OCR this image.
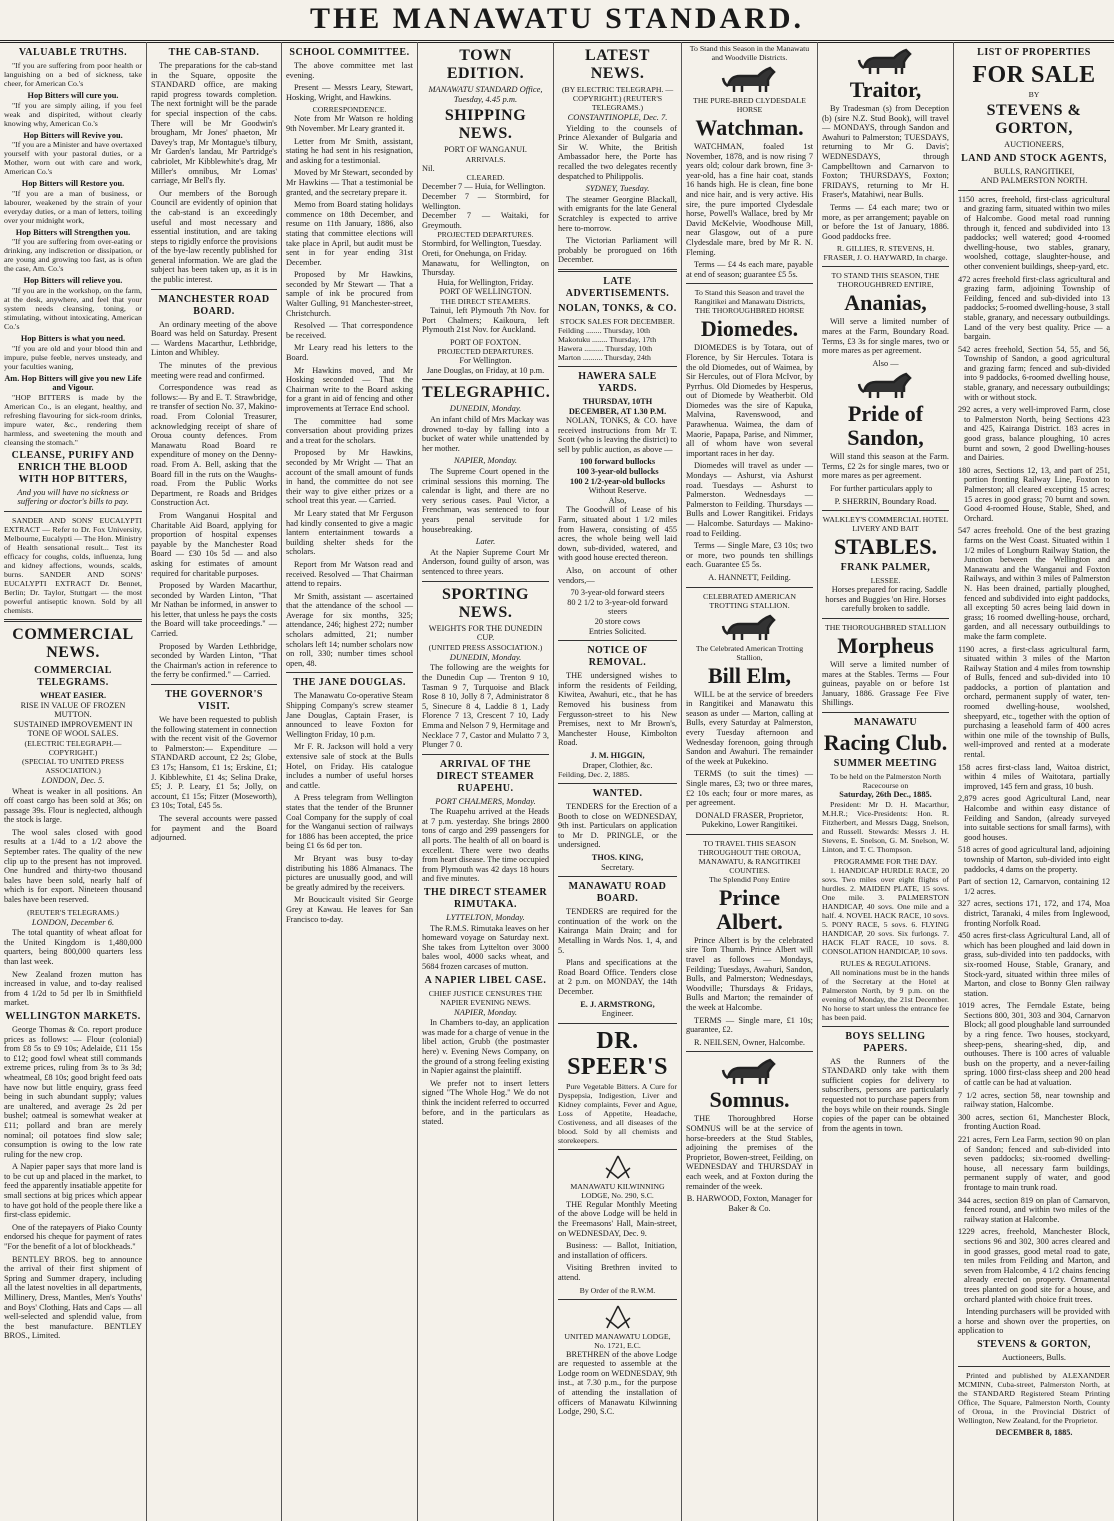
THE MANAWATU STANDARD.
VALUABLE TRUTHS.
"If you are suffering from poor health or languishing on a bed of sickness, take cheer, for American Co.'s
Hop Bitters will cure you.
"If you are simply ailing, if you feel weak and dispirited, without clearly knowing why, American Co.'s
Hop Bitters will Revive you.
"If you are a Minister and have overtaxed yourself with your pastoral duties, or a Mother, worn out with care and work, American Co.'s
Hop Bitters will Restore you.
"If you are a man of business, or labourer, weakened by the strain of your everyday duties, or a man of letters, toiling over your midnight work,
Hop Bitters will Strengthen you.
"If you are suffering from over-eating or drinking, any indiscretion or dissipation, or are young and growing too fast, as is often the case, Am. Co.'s
Hop Bitters will relieve you.
"If you are in the workshop, on the farm, at the desk, anywhere, and feel that your system needs cleansing, toning, or stimulating, without intoxicating, American Co.'s
Hop Bitters is what you need.
"If you are old and your blood thin and impure, pulse feeble, nerves unsteady, and your faculties waning,
Am. Hop Bitters will give you new Life and Vigour.
"HOP BITTERS is made by the American Co., is an elegant, healthy, and refreshing flavouring for sick-room drinks, impure water, &c., rendering them harmless, and sweetening the mouth and cleansing the stomach."
CLEANSE, PURIFY AND ENRICH THE BLOOD WITH HOP BITTERS,
And you will have no sickness or suffering or doctor's bills to pay.

SANDER AND SONS' EUCALYPTI EXTRACT — Refer to Dr. Fox University, Melbourne, Eucalypti — The Hon. Ministry of Health sensational result... Test its efficacy for coughs, colds, influenza, lung and kidney affections, wounds, scalds, burns. SANDER AND SONS' EUCALYPTI EXTRACT Dr. Bennet, Berlin; Dr. Taylor, Stuttgart — the most powerful antiseptic known. Sold by all chemists.

COMMERCIAL NEWS.
COMMERCIAL TELEGRAMS.
WHEAT EASIER.
RISE IN VALUE OF FROZEN MUTTON.
SUSTAINED IMPROVEMENT IN TONE OF WOOL SALES.
(ELECTRIC TELEGRAPH.—COPYRIGHT.)
(SPECIAL TO UNITED PRESS ASSOCIATION.)
LONDON, Dec. 5.

Wheat is weaker in all positions. An off coast cargo has been sold at 36s; on passage 39s. Flour is neglected, although the stock is large.

The wool sales closed with good results at a 1/4d to a 1/2 above the September rates. The quality of the new clip up to the present has not improved. One hundred and thirty-two thousand bales have been sold, nearly half of which is for export. Nineteen thousand bales have been reserved.

(REUTER'S TELEGRAMS.)
LONDON, December 6.

The total quantity of wheat afloat for the United Kingdom is 1,480,000 quarters, being 800,000 quarters less than last week.

New Zealand frozen mutton has increased in value, and to-day realised from 4 1/2d to 5d per lb in Smithfield market.

WELLINGTON MARKETS.

George Thomas & Co. report produce prices as follows: — Flour (colonial) from £8 5s to £9 10s; Adelaide, £11 15s to £12; good fowl wheat still commands extreme prices, ruling from 3s to 3s 3d; wheatmeal, £8 10s; good bright feed oats have now but little enquiry, grass feed being in such abundant supply; values are unaltered, and average 2s 2d per bushel; oatmeal is somewhat weaker at £11; pollard and bran are merely nominal; oil potatoes find slow sale; consumption is owing to the low rate ruling for the new crop.

A Napier paper says that more land is to be cut up and placed in the market, to feed the apparently insatiable appetite for small sections at big prices which appear to have got hold of the people there like a first-class epidemic.

One of the ratepayers of Piako County endorsed his cheque for payment of rates "For the benefit of a lot of blockheads."

BENTLEY BROS. beg to announce the arrival of their first shipment of Spring and Summer drapery, including all the latest novelties in all departments, Millinery, Dress, Mantles, Men's Youths' and Boys' Clothing, Hats and Caps — all well-selected and splendid value, from the best manufacture. BENTLEY BROS., Limited.

THE CAB-STAND.

The preparations for the cab-stand in the Square, opposite the STANDARD office, are making rapid progress towards completion. The next fortnight will be the parade for special inspection of the cabs. There will be Mr Goodwin's brougham, Mr Jones' phaeton, Mr Davey's trap, Mr Montague's tilbury, Mr Garden's landau, Mr Partridge's cabriolet, Mr Kibblewhite's drag, Mr Miller's omnibus, Mr Lomas' carriage, Mr Bell's fly.

Our members of the Borough Council are evidently of opinion that the cab-stand is an exceedingly useful and most necessary and essential institution, and are taking steps to rigidly enforce the provisions of the bye-law recently published for general information. We are glad the subject has been taken up, as it is in the public interest.

MANCHESTER ROAD BOARD.

An ordinary meeting of the above Board was held on Saturday. Present — Wardens Macarthur, Lethbridge, Linton and Whibley.

The minutes of the previous meeting were read and confirmed.

Correspondence was read as follows:— By and E. T. Strawbridge, re transfer of section No. 37, Makino-road. From Colonial Treasurer, acknowledging receipt of share of Oroua county defences. From Manawatu Road Board re expenditure of money on the Denny-road. From A. Bell, asking that the Board fill in the ruts on the Waughs-road. From the Public Works Department, re Roads and Bridges Construction Act.

From Wanganui Hospital and Charitable Aid Board, applying for proportion of hospital expenses payable by the Manchester Road Board — £30 10s 5d — and also asking for estimates of amount required for charitable purposes.

Proposed by Warden Macarthur, seconded by Warden Linton, "That Mr Nathan be informed, in answer to his letter, that unless he pays the costs the Board will take proceedings." — Carried.

Proposed by Warden Lethbridge, seconded by Warden Linton, "That the Chairman's action in reference to the ferry be confirmed." — Carried.

THE GOVERNOR'S VISIT.

We have been requested to publish the following statement in connection with the recent visit of the Governor to Palmerston:— Expenditure — STANDARD account, £2 2s; Globe, £3 17s; Hansom, £1 1s; Erskine, £1; J. Kibblewhite, £1 4s; Selina Drake, £5; J. P. Leary, £1 5s; Jolly, on account, £1 15s; Fitzer (Moseworth), £3 10s; Total, £45 5s.

The several accounts were passed for payment and the Board adjourned.

SCHOOL COMMITTEE.

The above committee met last evening.

Present — Messrs Leary, Stewart, Hosking, Wright, and Hawkins.

CORRESPONDENCE.

Note from Mr Watson re holding 9th November. Mr Leary granted it.

Letter from Mr Smith, assistant, stating he had sent in his resignation, and asking for a testimonial.

Moved by Mr Stewart, seconded by Mr Hawkins — That a testimonial be granted, and the secretary prepare it.

Memo from Board stating holidays commence on 18th December, and resume on 11th January, 1886, also stating that committee elections will take place in April, but audit must be sent in for year ending 31st December.

Proposed by Mr Hawkins, seconded by Mr Stewart — That a sample of ink be procured from Walter Gulling, 91 Manchester-street, Christchurch.

Resolved — That correspondence be received.

Mr Leary read his letters to the Board.

Mr Hawkins moved, and Mr Hosking seconded — That the Chairman write to the Board asking for a grant in aid of fencing and other improvements at Terrace End school.

The committee had some conversation about providing prizes and a treat for the scholars.

Proposed by Mr Hawkins, seconded by Mr Wright — That an account of the small amount of funds in hand, the committee do not see their way to give either prizes or a school treat this year. — Carried.

Mr Leary stated that Mr Ferguson had kindly consented to give a magic lantern entertainment towards a building shelter sheds for the scholars.

Report from Mr Watson read and received. Resolved — That Chairman attend to repairs.

Mr Smith, assistant — ascertained that the attendance of the school — Average for six months, 325; attendance, 246; highest 272; number scholars admitted, 21; number scholars left 14; number scholars now on roll, 330; number times school open, 48.

THE JANE DOUGLAS.

The Manawatu Co-operative Steam Shipping Company's screw steamer Jane Douglas, Captain Fraser, is announced to leave Foxton for Wellington Friday, 10 p.m.

Mr F. R. Jackson will hold a very extensive sale of stock at the Bulls Hotel, on Friday. His catalogue includes a number of useful horses and cattle.

A Press telegram from Wellington states that the tender of the Brunner Coal Company for the supply of coal for the Wanganui section of railways for 1886 has been accepted, the price being £1 6s 6d per ton.

Mr Bryant was busy to-day distributing his 1886 Almanacs. The pictures are unusually good, and will be greatly admired by the receivers.

Mr Boucicault visited Sir George Grey at Kawau. He leaves for San Francisco to-day.

TOWN EDITION.
MANAWATU STANDARD Office, Tuesday, 4.45 p.m.
SHIPPING NEWS.
PORT OF WANGANUI.
ARRIVALS.
Nil.
CLEARED.
December 7 — Huia, for Wellington.
December 7 — Stormbird, for Wellington.
December 7 — Waitaki, for Greymouth.
PROJECTED DEPARTURES.
Stormbird, for Wellington, Tuesday.
Oreti, for Onehunga, on Friday.
Manawatu, for Wellington, on Thursday.
Huia, for Wellington, Friday.
PORT OF WELLINGTON.
THE DIRECT STEAMERS.

Tainui, left Plymouth 7th Nov. for Port Chalmers; Kaikoura, left Plymouth 21st Nov. for Auckland.

PORT OF FOXTON.
PROJECTED DEPARTURES.
For Wellington.
Jane Douglas, on Friday, at 10 p.m.
TELEGRAPHIC.
DUNEDIN, Monday.

An infant child of Mrs Mackay was drowned to-day by falling into a bucket of water while unattended by her mother.

NAPIER, Monday.

The Supreme Court opened in the criminal sessions this morning. The calendar is light, and there are no very serious cases. Paul Victor, a Frenchman, was sentenced to four years penal servitude for housebreaking.

Later.

At the Napier Supreme Court Mr Anderson, found guilty of arson, was sentenced to three years.

SPORTING NEWS.
WEIGHTS FOR THE DUNEDIN CUP.
(UNITED PRESS ASSOCIATION.)
DUNEDIN, Monday.

The following are the weights for the Dunedin Cup — Trenton 9 10, Tasman 9 7, Turquoise and Black Rose 8 10, Jolly 8 7, Administrator 8 5, Sinecure 8 4, Laddie 8 1, Lady Florence 7 13, Crescent 7 10, Lady Emma and Nelson 7 9, Hermitage and Necklace 7 7, Castor and Mulatto 7 3, Plunger 7 0.

ARRIVAL OF THE DIRECT STEAMER RUAPEHU.
PORT CHALMERS, Monday.

The Ruapehu arrived at the Heads at 7 p.m. yesterday. She brings 2800 tons of cargo and 299 passengers for all ports. The health of all on board is excellent. There were two deaths from heart disease. The time occupied from Plymouth was 42 days 18 hours and five minutes.

THE DIRECT STEAMER RIMUTAKA.
LYTTELTON, Monday.

The R.M.S. Rimutaka leaves on her homeward voyage on Saturday next. She takes from Lyttelton over 3000 bales wool, 4000 sacks wheat, and 5684 frozen carcases of mutton.

A NAPIER LIBEL CASE.
CHIEF JUSTICE CENSURES THE NAPIER EVENING NEWS.
NAPIER, Monday.

In Chambers to-day, an application was made for a charge of venue in the libel action, Grubb (the postmaster here) v. Evening News Company, on the ground of a strong feeling existing in Napier against the plaintiff.

We prefer not to insert letters signed "The Whole Hog." We do not think the incident referred to occurred before, and in the particulars as stated.

LATEST NEWS.
(BY ELECTRIC TELEGRAPH. — COPYRIGHT.) (REUTER'S TELEGRAMS.)
CONSTANTINOPLE, Dec. 7.

Yielding to the counsels of Prince Alexander of Bulgaria and Sir W. White, the British Ambassador here, the Porte has recalled the two delegates recently despatched to Philippolis.

SYDNEY, Tuesday.

The steamer Georgine Blackall, with emigrants for the late General Scratchley is expected to arrive here to-morrow.

The Victorian Parliament will probably be prorogued on 16th December.

LATE ADVERTISEMENTS.
NOLAN, TONKS, & CO.
STOCK SALES FOR DECEMBER.
Feilding ........ Thursday, 10th
Makotuku ........ Thursday, 17th
Hawera .......... Thursday, 10th
Marton .......... Thursday, 24th
HAWERA SALE YARDS.
THURSDAY, 10TH DECEMBER, AT 1.30 P.M.

NOLAN, TONKS, & CO. have received instructions from Mr T. Scott (who is leaving the district) to sell by public auction, as above —

100 forward bullocks
100 3-year-old bullocks
100 2 1/2-year-old bullocks
Without Reserve.
Also,

The Goodwill of Lease of his Farm, situated about 1 1/2 miles from Hawera, consisting of 455 acres, the whole being well laid down, sub-divided, watered, and with good house erected thereon.

Also, on account of other vendors,—

70 3-year-old forward steers
80 2 1/2 to 3-year-old forward steers
20 store cows
Entries Solicited.
NOTICE OF REMOVAL.

THE undersigned wishes to inform the residents of Feilding, Kiwitea, Awahuri, etc., that he has Removed his business from Fergusson-street to his New Premises, next to Mr Brown's, Manchester House, Kimbolton Road.

J. M. HIGGIN,
Draper, Clothier, &c.
Feilding, Dec. 2, 1885.
WANTED.

TENDERS for the Erection of a Booth to close on WEDNESDAY, 9th inst. Particulars on application to Mr D. PRINGLE, or the undersigned.

THOS. KING,
Secretary.
MANAWATU ROAD BOARD.

TENDERS are required for the continuation of the work on the Kairanga Main Drain; and for Metalling in Wards Nos. 1, 4, and 5.

Plans and specifications at the Road Board Office. Tenders close at 2 p.m. on MONDAY, the 14th December.

E. J. ARMSTRONG,
Engineer.
DR. SPEER'S

Pure Vegetable Bitters. A Cure for Dyspepsia, Indigestion, Liver and Kidney complaints, Fever and Ague, Loss of Appetite, Headache, Costiveness, and all diseases of the blood. Sold by all chemists and storekeepers.

MANAWATU KILWINNING LODGE, No. 290, S.C.

THE Regular Monthly Meeting of the above Lodge will be held in the Freemasons' Hall, Main-street, on WEDNESDAY, Dec. 9.

Business: — Ballot, Initiation, and installation of officers.

Visiting Brethren invited to attend.

By Order of the R.W.M.
UNITED MANAWATU LODGE, No. 1721, E.C.

BRETHREN of the above Lodge are requested to assemble at the Lodge room on WEDNESDAY, 9th inst., at 7.30 p.m., for the purpose of attending the installation of officers of Manawatu Kilwinning Lodge, 290, S.C.

To Stand this Season in the Manawatu and Woodville Districts.
THE PURE-BRED CLYDESDALE HORSE
Watchman.

WATCHMAN, foaled 1st November, 1878, and is now rising 7 years old; colour dark brown, fine 3-year-old, has a fine hair coat, stands 16 hands high. He is clean, fine bone and nice hair, and is very active. His sire, the pure imported Clydesdale horse, Powell's Wallace, bred by Mr David McKelvie, Woodhouse Mill, near Glasgow, out of a pure Clydesdale mare, bred by Mr R. N. Fleming.

Terms — £4 4s each mare, payable at end of season; guarantee £5 5s.

To Stand this Season and travel the Rangitikei and Manawatu Districts, THE THOROUGHBRED HORSE
Diomedes.

DIOMEDES is by Totara, out of Florence, by Sir Hercules. Totara is the old Diomedes, out of Waimea, by Sir Hercules, out of Flora McIvor, by Pyrrhus. Old Diomedes by Hesperus, out of Diomede by Weatherbit. Old Diomedes was the sire of Kapuka, Malvina, Ravenswood, and Parawhenua. Waimea, the dam of Maorie, Papapa, Parise, and Nimmer, all of whom have won several important races in her day.

Diomedes will travel as under — Mondays — Ashurst, via Ashurst road. Tuesdays — Ashurst to Palmerston. Wednesdays — Palmerston to Feilding. Thursdays — Bulls and Lower Rangitikei. Fridays — Halcombe. Saturdays — Makino-road to Feilding.

Terms — Single Mare, £3 10s; two or more, two pounds ten shillings each. Guarantee £5 5s.

A. HANNETT, Feilding.
CELEBRATED AMERICAN TROTTING STALLION.
The Celebrated American Trotting Stallion,
Bill Elm,

WILL be at the service of breeders in Rangitikei and Manawatu this season as under — Marton, calling at Bulls, every Saturday at Palmerston, every Tuesday afternoon and Wednesday forenoon, going through Sandon and Awahuri. The remainder of the week at Pukekino.

TERMS (to suit the times) — Single mares, £3; two or three mares, £2 10s each; four or more mares, as per agreement.

DONALD FRASER, Proprietor, Pukekino, Lower Rangitikei.
TO TRAVEL THIS SEASON THROUGHOUT THE OROUA, MANAWATU, & RANGITIKEI COUNTIES.
The Splendid Pony Entire
Prince Albert.

Prince Albert is by the celebrated sire Tom Thumb. Prince Albert will travel as follows — Mondays, Feilding; Tuesdays, Awahuri, Sandon, Bulls, and Palmerston; Wednesdays, Woodville; Thursdays & Fridays, Bulls and Marton; the remainder of the week at Halcombe.

TERMS — Single mare, £1 10s; guarantee, £2.

R. NEILSEN, Owner, Halcombe.
Somnus.

THE Thoroughbred Horse SOMNUS will be at the service of horse-breeders at the Stud Stables, adjoining the premises of the Proprietor, Bowen-street, Feilding, on WEDNESDAY and THURSDAY in each week, and at Foxton during the remainder of the week.

B. HARWOOD, Foxton, Manager for Baker & Co.
Traitor,

By Tradesman (s) from Deception (b) (sire N.Z. Stud Book), will travel — MONDAYS, through Sandon and Awahuri to Palmerston; TUESDAYS, returning to Mr G. Davis'; WEDNESDAYS, through Campbelltown and Carnarvon to Foxton; THURSDAYS, Foxton; FRIDAYS, returning to Mr H. Fraser's, Matahiwi, near Bulls.

Terms — £4 each mare; two or more, as per arrangement; payable on or before the 1st of January, 1886. Good paddocks free.

R. GILLIES, R. STEVENS, H. FRASER, J. O. HAYWARD, In charge.
TO STAND THIS SEASON, THE THOROUGHBRED ENTIRE,
Ananias,

Will serve a limited number of mares at the Farm, Boundary Road. Terms, £3 3s for single mares, two or more mares as per agreement.

Also —
Pride of Sandon,

Will stand this season at the Farm. Terms, £2 2s for single mares, two or more mares as per agreement.

For further particulars apply to

P. SHERRIN, Boundary Road.
WALKLEY'S COMMERCIAL HOTEL LIVERY AND BAIT
STABLES.
FRANK PALMER,
LESSEE.

Horses prepared for racing. Saddle horses and Buggies 'on Hire. Horses carefully broken to saddle.

THE THOROUGHBRED STALLION
Morpheus

Will serve a limited number of mares at the Stables. Terms — Four guineas, payable on or before 1st January, 1886. Grassage Fee Five Shillings.

MANAWATU
Racing Club.
SUMMER MEETING
To be held on the Palmerston North Racecourse on
Saturday, 26th Dec., 1885.

President: Mr D. H. Macarthur, M.H.R.; Vice-Presidents: Hon. R. Fitzherbert, and Messrs Dagg, Snelson, and Russell. Stewards: Messrs J. H. Stevens, E. Snelson, G. M. Snelson, W. Linton, and T. C. Thompson.

PROGRAMME FOR THE DAY.

1. HANDICAP HURDLE RACE, 20 sovs. Two miles over eight flights of hurdles. 2. MAIDEN PLATE, 15 sovs. One mile. 3. PALMERSTON HANDICAP, 40 sovs. One mile and a half. 4. NOVEL HACK RACE, 10 sovs. 5. PONY RACE, 5 sovs. 6. FLYING HANDICAP, 20 sovs. Six furlongs. 7. HACK FLAT RACE, 10 sovs. 8. CONSOLATION HANDICAP, 10 sovs.

RULES & REGULATIONS.

All nominations must be in the hands of the Secretary at the Hotel at Palmerston North, by 9 p.m. on the evening of Monday, the 21st December. No horse to start unless the entrance fee has been paid.

BOYS SELLING PAPERS.

AS the Runners of the STANDARD only take with them sufficient copies for delivery to subscribers, persons are particularly requested not to purchase papers from the boys while on their rounds. Single copies of the paper can be obtained from the agents in town.

LIST OF PROPERTIES
FOR SALE
BY
STEVENS & GORTON,
AUCTIONEERS,
LAND AND STOCK AGENTS,
BULLS, RANGITIKEI,
AND PALMERSTON NORTH.

1150 acres, freehold, first-class agricultural and grazing farm, situated within two miles of Halcombe. Good metal road running through it, fenced and subdivided into 13 paddocks; well watered; good 4-roomed dwelling-house, two stables, granary, woolshed, cottage, slaughter-house, and other convenient buildings, sheep-yard, etc.

472 acres freehold first-class agricultural and grazing farm, adjoining Township of Feilding, fenced and sub-divided into 13 paddocks; 5-roomed dwelling-house, 3 stall stable, granary, and necessary outbuildings. Land of the very best quality. Price — a bargain.

542 acres freehold, Section 54, 55, and 56, Township of Sandon, a good agricultural and grazing farm; fenced and sub-divided into 9 paddocks, 6-roomed dwelling house, stable, granary, and necessary outbuildings; with or without stock.

292 acres, a very well-improved Farm, close to Palmerston North, being Sections 423 and 425, Kairanga District. 183 acres in good grass, balance ploughing, 10 acres burnt and sown, 2 good Dwelling-houses and Dairies.

180 acres, Sections 12, 13, and part of 251, portion fronting Railway Line, Foxton to Palmerston; all cleared excepting 15 acres; 15 acres in good grass; 70 burnt and sown. Good 4-roomed House, Stable, Shed, and Orchard.

547 acres freehold. One of the best grazing farms on the West Coast. Situated within 1 1/2 miles of Longburn Railway Station, the Junction between the Wellington and Manawatu and the Wanganui and Foxton Railways, and within 3 miles of Palmerston N. Has been drained, partially ploughed, fenced and subdivided into eight paddocks, all excepting 50 acres being laid down in grass; 16 roomed dwelling-house, orchard, garden, and all necessary outbuildings to make the farm complete.

1190 acres, a first-class agricultural farm, situated within 3 miles of the Marton Railway Station and 4 miles from township of Bulls, fenced and sub-divided into 10 paddocks, a portion of plantation and orchard, permanent supply of water, ten-roomed dwelling-house, woolshed, sheepyard, etc., together with the option of purchasing a leasehold farm of 400 acres within one mile of the township of Bulls, well-improved and rented at a moderate rental.

158 acres first-class land, Waitoa district, within 4 miles of Waitotara, partially improved, 145 fern and grass, 10 bush.

2,879 acres good Agricultural Land, near Halcombe and within easy distance of Feilding and Sandon, (already surveyed into suitable sections for small farms), with good houses.

518 acres of good agricultural land, adjoining township of Marton, sub-divided into eight paddocks, 4 dams on the property.

Part of section 12, Carnarvon, containing 12 1/2 acres.

327 acres, sections 171, 172, and 174, Moa district, Taranaki, 4 miles from Inglewood, fronting Norfolk Road.

450 acres first-class Agricultural Land, all of which has been ploughed and laid down in grass, sub-divided into ten paddocks, with six-roomed House, Stable, Granary, and Stock-yard, situated within three miles of Marton, and close to Bonny Glen railway station.

1019 acres, The Ferndale Estate, being Sections 800, 301, 303 and 304, Carnarvon Block; all good ploughable land surrounded by a ring fence. Two houses, stockyard, sheep-pens, shearing-shed, dip, and outhouses. There is 100 acres of valuable bush on the property, and a never-failing spring. 1000 first-class sheep and 200 head of cattle can be had at valuation.

7 1/2 acres, section 58, near township and railway station, Halcombe.

300 acres, section 61, Manchester Block, fronting Auction Road.

221 acres, Fern Lea Farm, section 90 on plan of Sandon; fenced and sub-divided into seven paddocks; six-roomed dwelling-house, all necessary farm buildings, permanent supply of water, and good frontage to main trunk road.

344 acres, section 819 on plan of Carnarvon, fenced round, and within two miles of the railway station at Halcombe.

1229 acres, freehold, Manchester Block, sections 96 and 302, 300 acres cleared and in good grasses, good metal road to gate, ten miles from Feilding and Marton, and seven from Halcombe, 4 1/2 chains fencing already erected on property. Ornamental trees planted on good site for a house, and orchard planted with choice fruit trees.

Intending purchasers will be provided with a horse and shown over the properties, on application to

STEVENS & GORTON,
Auctioneers, Bulls.

Printed and published by ALEXANDER MCMINN, Cuba-street, Palmerston North, at the STANDARD Registered Steam Printing Office, The Square, Palmerston North, County of Oroua, in the Provincial District of Wellington, New Zealand, for the Proprietor.

DECEMBER 8, 1885.
